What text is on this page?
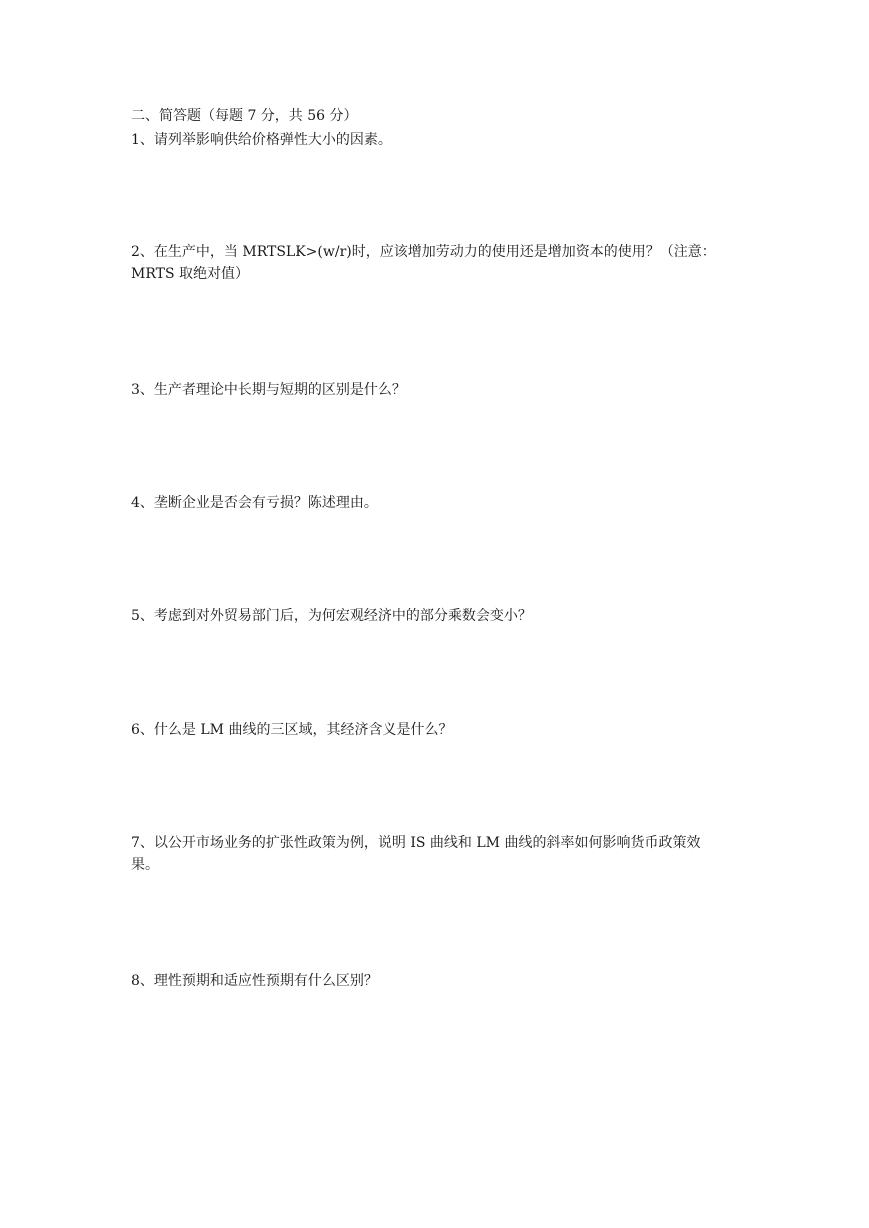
二、简答题（每题 7 分，共 56 分）
1、请列举影响供给价格弹性大小的因素。
2、在生产中，当 MRTSLK>(w/r)时，应该增加劳动力的使用还是增加资本的使用？（注意：
MRTS 取绝对值）
3、生产者理论中长期与短期的区别是什么？
4、垄断企业是否会有亏损？陈述理由。
5、考虑到对外贸易部门后，为何宏观经济中的部分乘数会变小？
6、什么是 LM 曲线的三区域，其经济含义是什么？
7、以公开市场业务的扩张性政策为例，说明 IS 曲线和 LM 曲线的斜率如何影响货币政策效
果。
8、理性预期和适应性预期有什么区别？
